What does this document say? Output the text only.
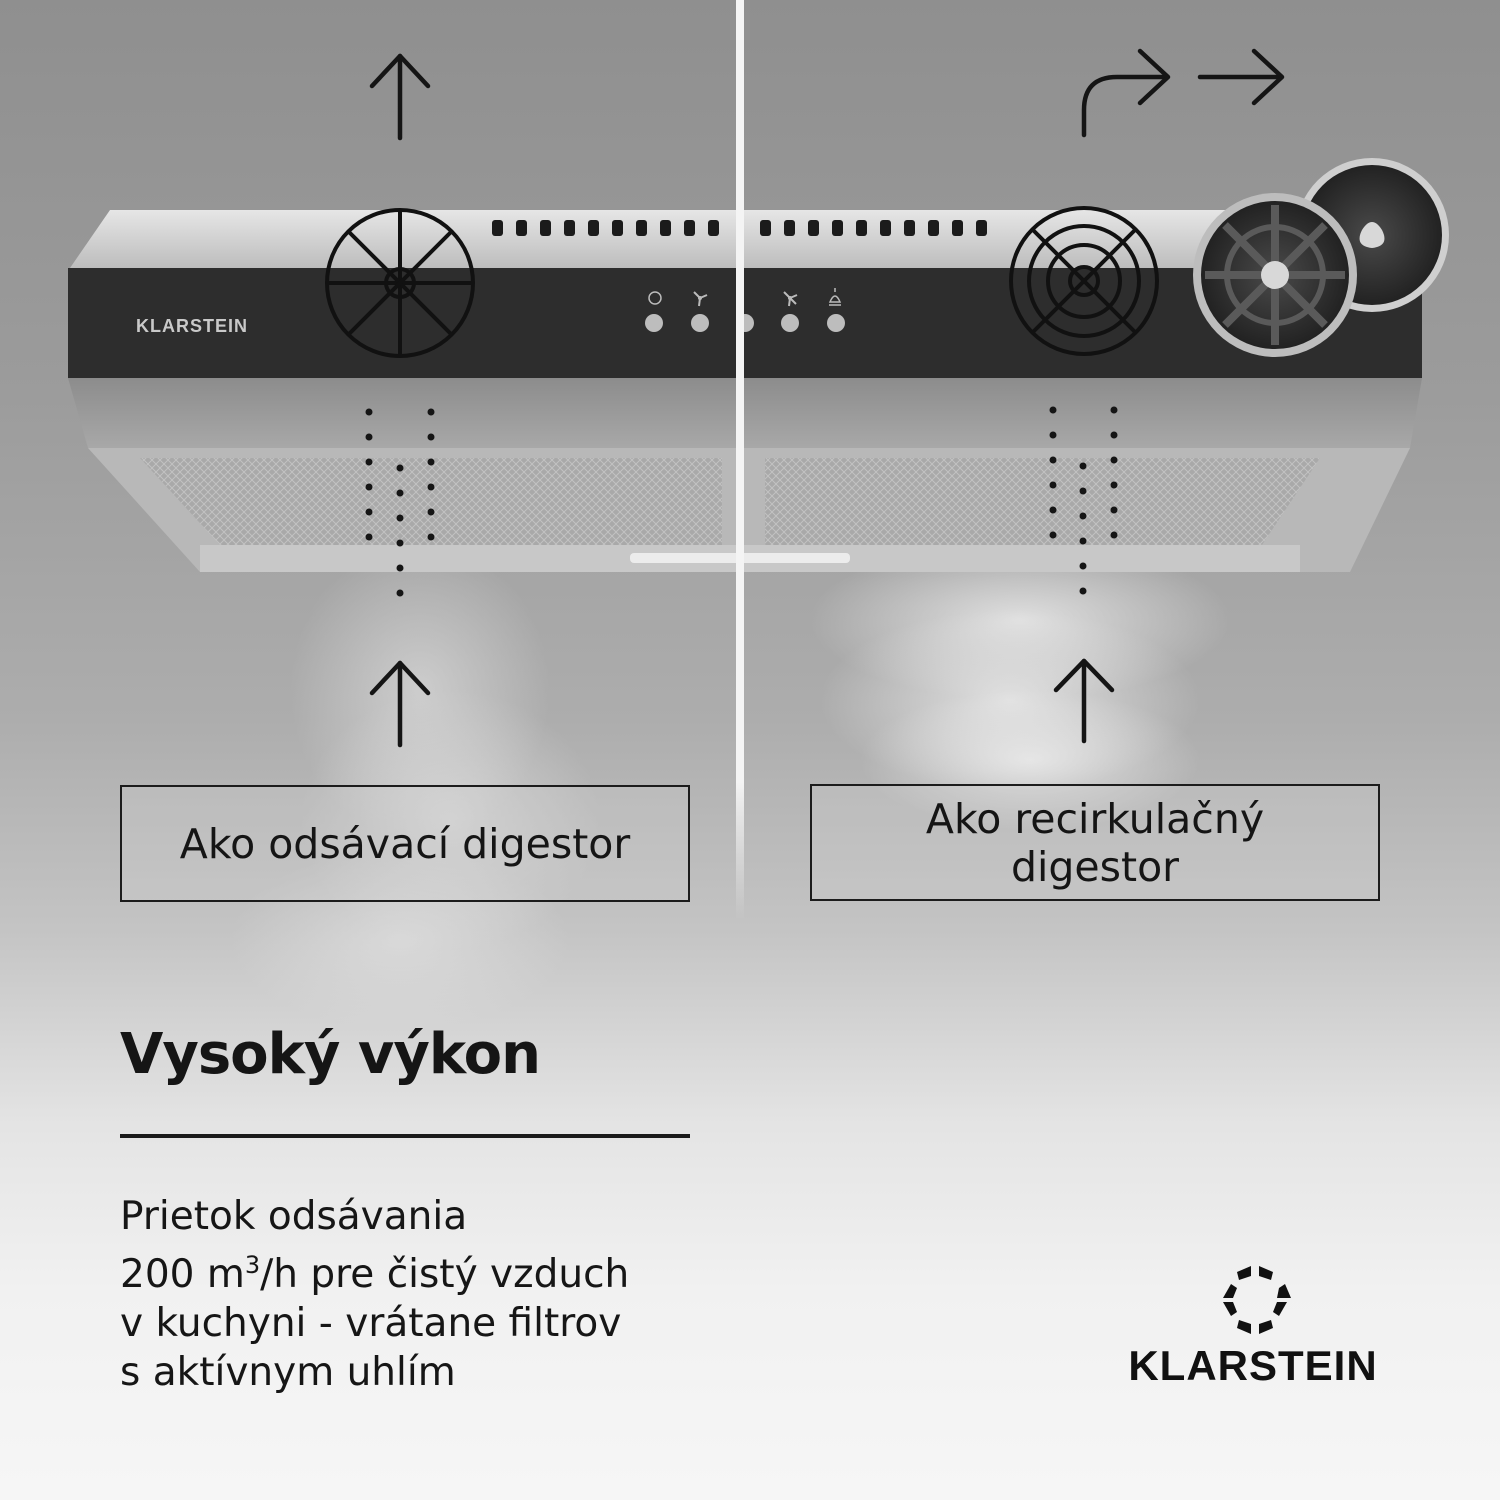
KLARSTEIN
Ako odsávací digestor
Ako recirkulačný digestor
Vysoký výkon
Prietok odsávania
200 $m^3/h$ pre čistý vzduch
v kuchyni - vrátane filtrov
s aktívnym uhlím	KLARSTEIN
